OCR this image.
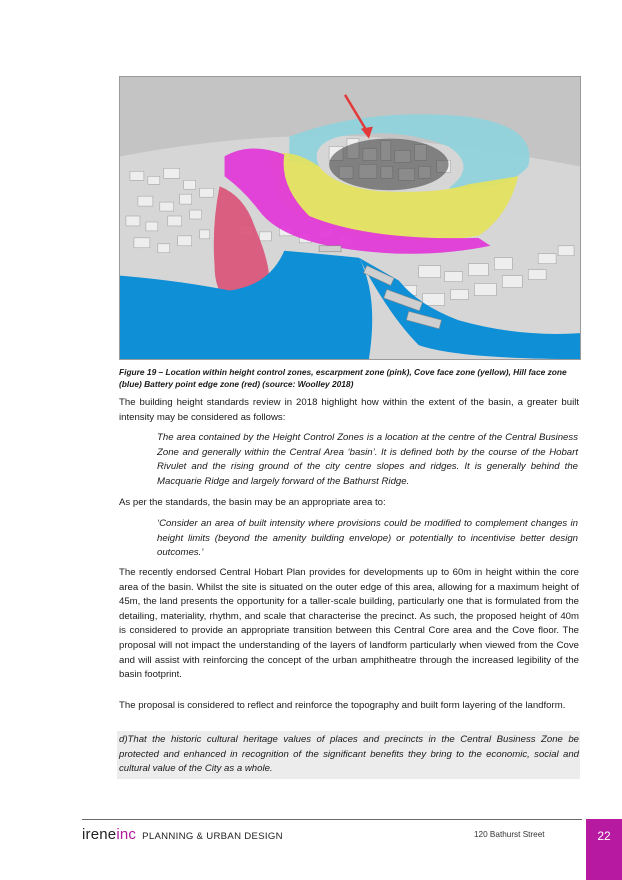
Figure 19 – Location within height control zones, escarpment zone (pink), Cove face zone (yellow), Hill face zone (blue) Battery point edge zone (red) (source: Woolley 2018)
The building height standards review in 2018 highlight how within the extent of the basin, a greater built intensity may be considered as follows:
The area contained by the Height Control Zones is a location at the centre of the Central Business Zone and generally within the Central Area ‘basin’. It is defined both by the course of the Hobart Rivulet and the rising ground of the city centre slopes and ridges. It is generally behind the Macquarie Ridge and largely forward of the Bathurst Ridge.
As per the standards, the basin may be an appropriate area to:
‘Consider an area of built intensity where provisions could be modified to complement changes in height limits (beyond the amenity building envelope) or potentially to incentivise better design outcomes.’
The recently endorsed Central Hobart Plan provides for developments up to 60m in height within the core area of the basin. Whilst the site is situated on the outer edge of this area, allowing for a maximum height of 45m, the land presents the opportunity for a taller-scale building, particularly one that is formulated from the detailing, materiality, rhythm, and scale that characterise the precinct. As such, the proposed height of 40m is considered to provide an appropriate transition between this Central Core area and the Cove floor. The proposal will not impact the understanding of the layers of landform particularly when viewed from the Cove and will assist with reinforcing the concept of the urban amphitheatre through the increased legibility of the basin footprint.
The proposal is considered to reflect and reinforce the topography and built form layering of the landform.
d)That the historic cultural heritage values of places and precincts in the Central Business Zone be protected and enhanced in recognition of the significant benefits they bring to the economic, social and cultural value of the City as a whole.
irene inc PLANNING & URBAN DESIGN	120 Bathurst Street	22
